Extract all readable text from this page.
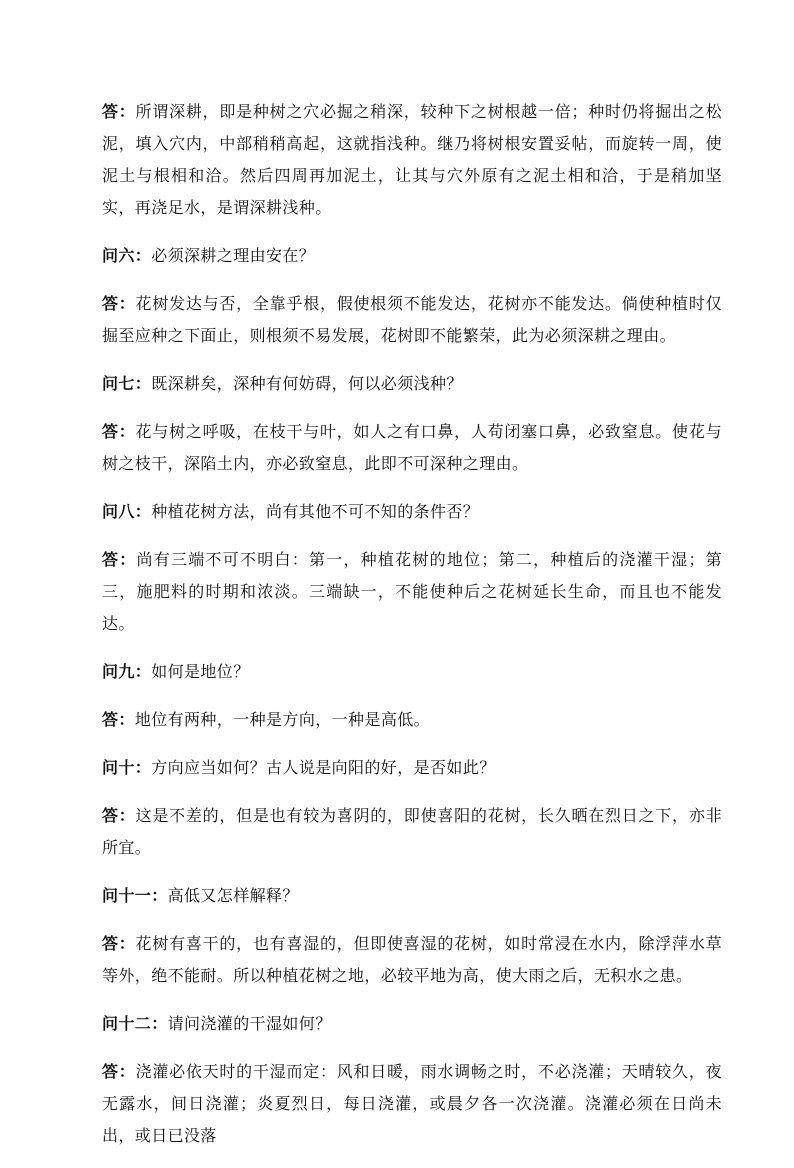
答：所谓深耕，即是种树之穴必掘之稍深，较种下之树根越一倍；种时仍将掘出之松泥，填入穴内，中部稍稍高起，这就指浅种。继乃将树根安置妥帖，而旋转一周，使泥土与根相和洽。然后四周再加泥土，让其与穴外原有之泥土相和洽，于是稍加坚实，再浇足水，是谓深耕浅种。

问六：必须深耕之理由安在？

答：花树发达与否，全靠乎根，假使根须不能发达，花树亦不能发达。倘使种植时仅掘至应种之下面止，则根须不易发展，花树即不能繁荣，此为必须深耕之理由。

问七：既深耕矣，深种有何妨碍，何以必须浅种？

答：花与树之呼吸，在枝干与叶，如人之有口鼻，人苟闭塞口鼻，必致窒息。使花与树之枝干，深陷土内，亦必致窒息，此即不可深种之理由。

问八：种植花树方法，尚有其他不可不知的条件否？

答：尚有三端不可不明白：第一，种植花树的地位；第二，种植后的浇灌干湿；第三，施肥料的时期和浓淡。三端缺一，不能使种后之花树延长生命，而且也不能发达。

问九：如何是地位？

答：地位有两种，一种是方向，一种是高低。

问十：方向应当如何？古人说是向阳的好，是否如此？

答：这是不差的，但是也有较为喜阴的，即使喜阳的花树，长久晒在烈日之下，亦非所宜。

问十一：高低又怎样解释？

答：花树有喜干的，也有喜湿的，但即使喜湿的花树，如时常浸在水内，除浮萍水草等外，绝不能耐。所以种植花树之地，必较平地为高，使大雨之后，无积水之患。

问十二：请问浇灌的干湿如何？

答：浇灌必依天时的干湿而定：风和日暖，雨水调畅之时，不必浇灌；天晴较久，夜无露水，间日浇灌；炎夏烈日，每日浇灌，或晨夕各一次浇灌。浇灌必须在日尚未出，或日已没落
